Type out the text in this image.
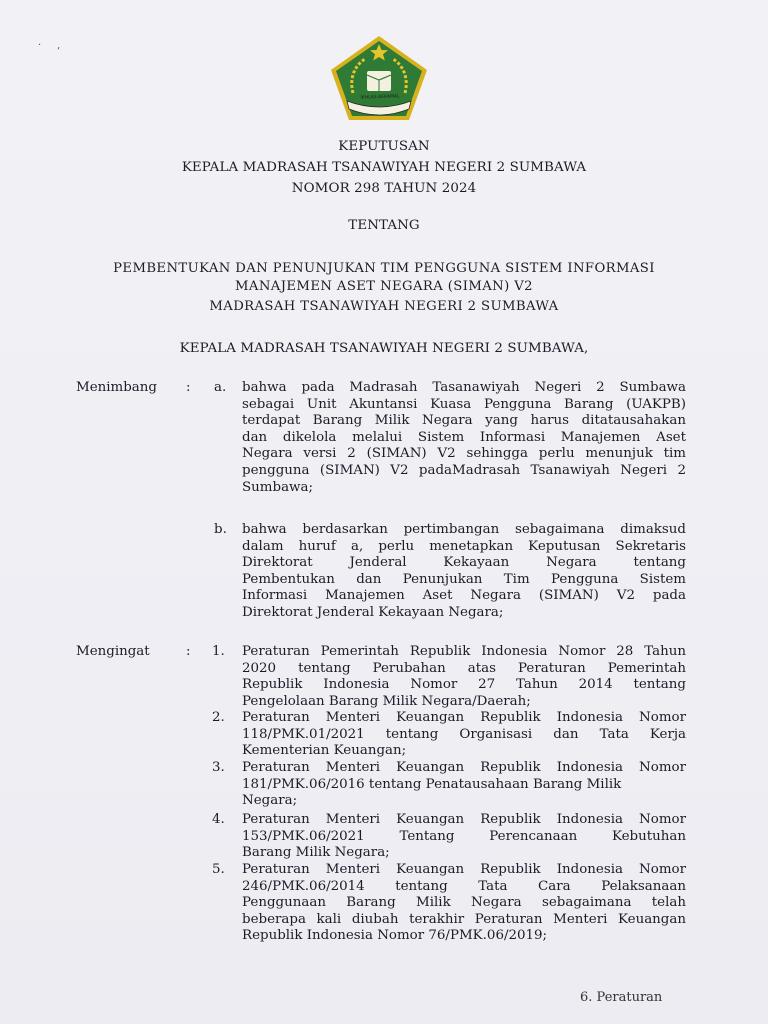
·     ,
IKHLAS BERAMAL
KEPUTUSAN
KEPALA MADRASAH TSANAWIYAH NEGERI 2 SUMBAWA
NOMOR 298 TAHUN 2024
TENTANG
PEMBENTUKAN DAN PENUNJUKAN TIM PENGGUNA SISTEM INFORMASI
MANAJEMEN ASET NEGARA (SIMAN) V2
MADRASAH TSANAWIYAH NEGERI 2 SUMBAWA
KEPALA MADRASAH TSANAWIYAH NEGERI 2 SUMBAWA,
Menimbang : a. bahwa pada Madrasah Tasanawiyah Negeri 2 Sumbawa
sebagai Unit Akuntansi Kuasa Pengguna Barang (UAKPB)
terdapat Barang Milik Negara yang harus ditatausahakan
dan dikelola melalui Sistem Informasi Manajemen Aset
Negara versi 2 (SIMAN) V2 sehingga perlu menunjuk tim
pengguna (SIMAN) V2 padaMadrasah Tsanawiyah Negeri 2
Sumbawa;
b. bahwa berdasarkan pertimbangan sebagaimana dimaksud
dalam huruf a, perlu menetapkan Keputusan Sekretaris
Direktorat Jenderal Kekayaan Negara tentang
Pembentukan dan Penunjukan Tim Pengguna Sistem
Informasi Manajemen Aset Negara (SIMAN) V2 pada
Direktorat Jenderal Kekayaan Negara;
Mengingat	: 1. Peraturan Pemerintah Republik Indonesia Nomor 28 Tahun
2020 tentang Perubahan atas Peraturan Pemerintah
Republik Indonesia Nomor 27 Tahun 2014 tentang
Pengelolaan Barang Milik Negara/Daerah;
2. Peraturan Menteri Keuangan Republik Indonesia Nomor
118/PMK.01/2021 tentang Organisasi dan Tata Kerja
Kementerian Keuangan;
3. Peraturan Menteri Keuangan Republik Indonesia Nomor
181/PMK.06/2016 tentang Penatausahaan Barang Milik
Negara;
4. Peraturan Menteri Keuangan Republik Indonesia Nomor
153/PMK.06/2021 Tentang Perencanaan Kebutuhan
Barang Milik Negara;
5. Peraturan Menteri Keuangan Republik Indonesia Nomor
246/PMK.06/2014 tentang Tata Cara Pelaksanaan
Penggunaan Barang Milik Negara sebagaimana telah
beberapa kali diubah terakhir Peraturan Menteri Keuangan
Republik Indonesia Nomor 76/PMK.06/2019;
6. Peraturan
